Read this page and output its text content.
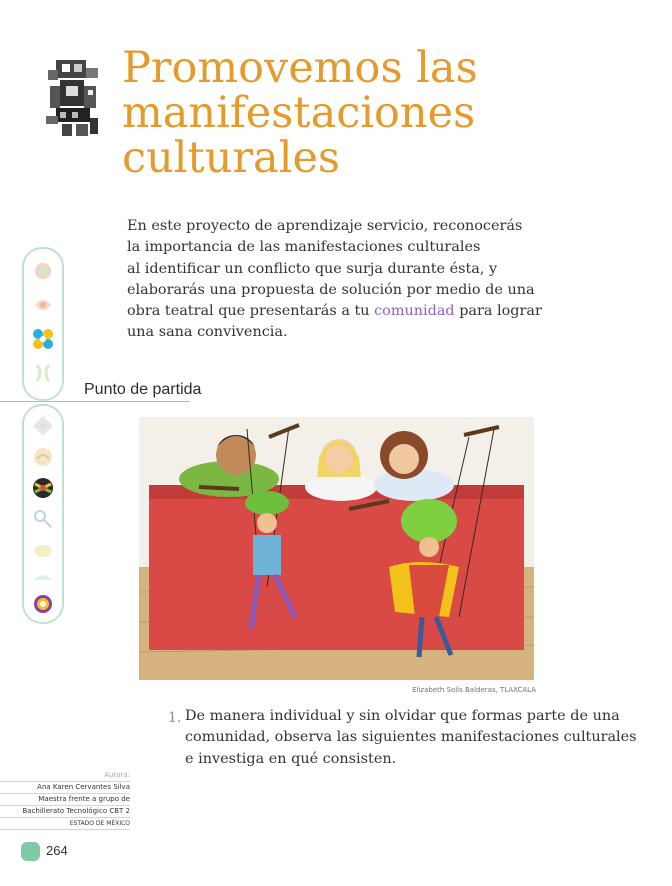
Promovemos las
manifestaciones
culturales

En este proyecto de aprendizaje servicio, reconocerás
la importancia de las manifestaciones culturales
al identificar un conflicto que surja durante ésta, y
elaborarás una propuesta de solución por medio de una
obra teatral que presentarás a tu comunidad para lograr
una sana convivencia.

Punto de partida
Elizabeth Solís Balderas, TLAXCALA
1. De manera individual y sin olvidar que formas parte de una
comunidad, observa las siguientes manifestaciones culturales
e investiga en qué consisten.

Autora:
Ana Karen Cervantes Silva
Maestra frente a grupo de
Bachillerato Tecnológico CBT 2
ESTADO DE MÉXICO
264
